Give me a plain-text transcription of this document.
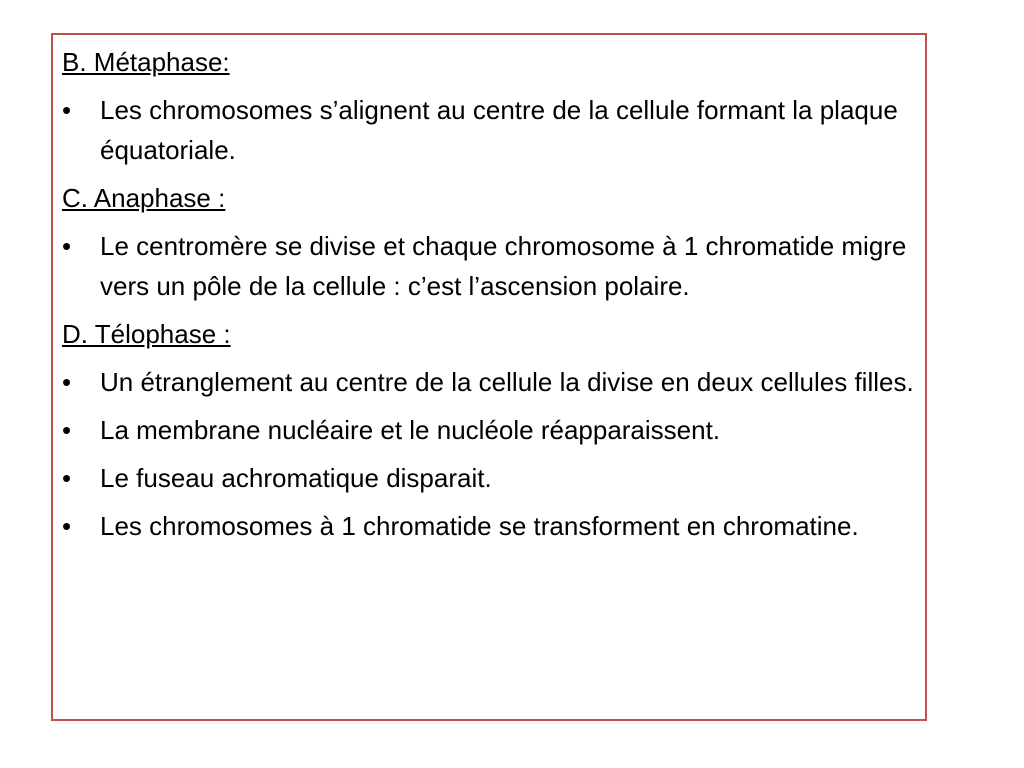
B. Métaphase:
• Les chromosomes s’alignent au centre de la cellule formant la plaque équatoriale.
C. Anaphase :
• Le centromère se divise et chaque chromosome à 1 chromatide migre vers un pôle de la cellule : c’est l’ascension polaire.
D. Télophase :
• Un étranglement au centre de la cellule la divise en deux cellules filles.
• La membrane nucléaire et le nucléole réapparaissent.
• Le fuseau achromatique disparait.
• Les chromosomes à 1 chromatide se transforment en chromatine.
